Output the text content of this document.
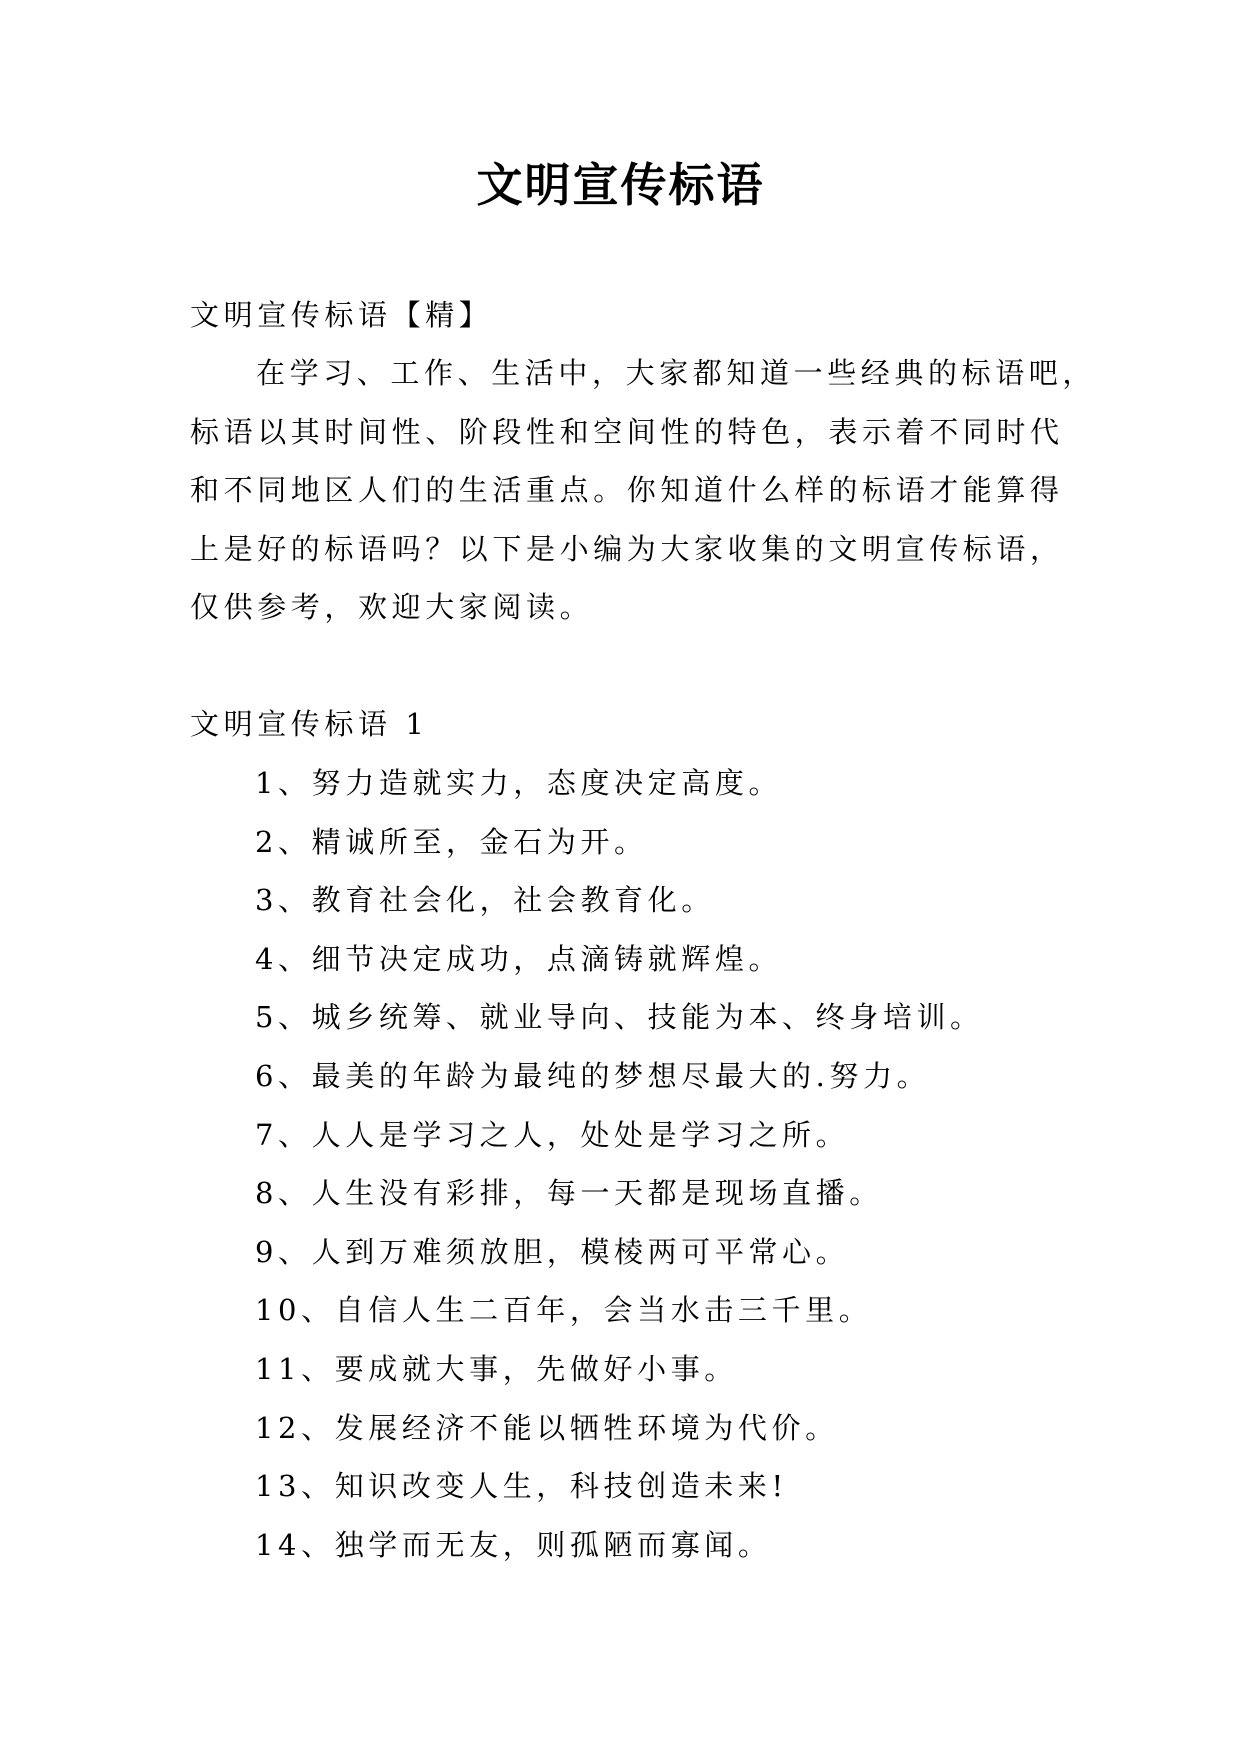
文明宣传标语
文明宣传标语【精】
在学习、工作、生活中，大家都知道一些经典的标语吧，
标语以其时间性、阶段性和空间性的特色，表示着不同时代
和不同地区人们的生活重点。你知道什么样的标语才能算得
上是好的标语吗？以下是小编为大家收集的文明宣传标语，
仅供参考，欢迎大家阅读。
文明宣传标语 1
1、努力造就实力，态度决定高度。
2、精诚所至，金石为开。
3、教育社会化，社会教育化。
4、细节决定成功，点滴铸就辉煌。
5、城乡统筹、就业导向、技能为本、终身培训。
6、最美的年龄为最纯的梦想尽最大的.努力。
7、人人是学习之人，处处是学习之所。
8、人生没有彩排，每一天都是现场直播。
9、人到万难须放胆，模棱两可平常心。
10、自信人生二百年，会当水击三千里。
11、要成就大事，先做好小事。
12、发展经济不能以牺牲环境为代价。
13、知识改变人生，科技创造未来!
14、独学而无友，则孤陋而寡闻。
